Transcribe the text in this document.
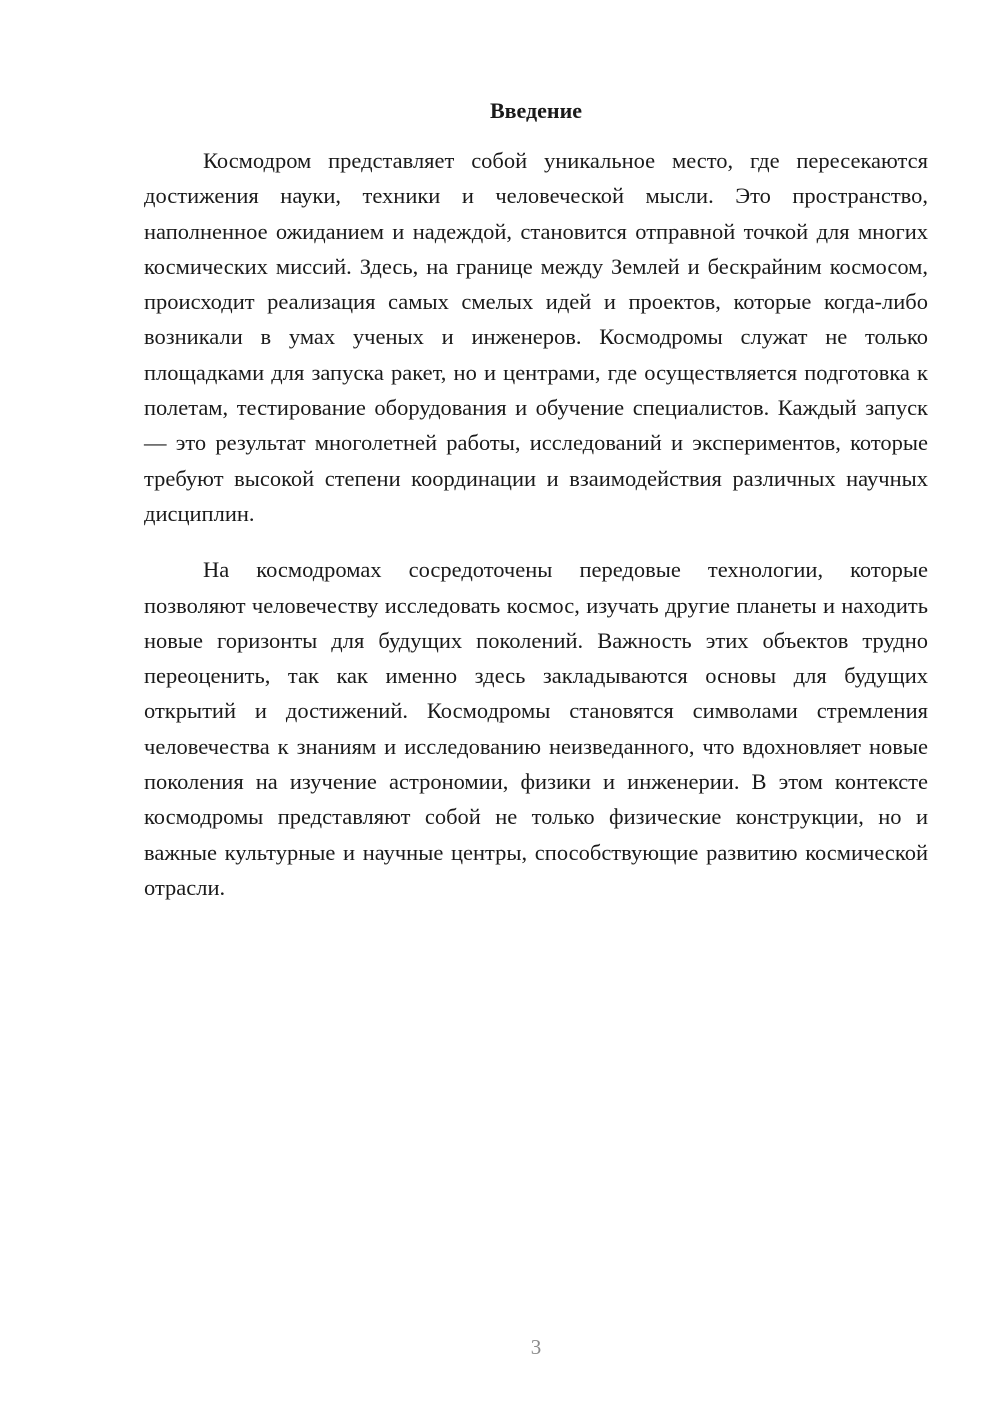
Введение

Космодром представляет собой уникальное место, где пересекаются достижения науки, техники и человеческой мысли. Это пространство, наполненное ожиданием и надеждой, становится отправной точкой для многих космических миссий. Здесь, на границе между Землей и бескрайним космосом, происходит реализация самых смелых идей и проектов, которые когда-либо возникали в умах ученых и инженеров. Космодромы служат не только площадками для запуска ракет, но и центрами, где осуществляется подготовка к полетам, тестирование оборудования и обучение специалистов. Каждый запуск — это результат многолетней работы, исследований и экспериментов, которые требуют высокой степени координации и взаимодействия различных научных дисциплин.

На космодромах сосредоточены передовые технологии, которые позволяют человечеству исследовать космос, изучать другие планеты и находить новые горизонты для будущих поколений. Важность этих объектов трудно переоценить, так как именно здесь закладываются основы для будущих открытий и достижений. Космодромы становятся символами стремления человечества к знаниям и исследованию неизведанного, что вдохновляет новые поколения на изучение астрономии, физики и инженерии. В этом контексте космодромы представляют собой не только физические конструкции, но и важные культурные и научные центры, способствующие развитию космической отрасли.

3
